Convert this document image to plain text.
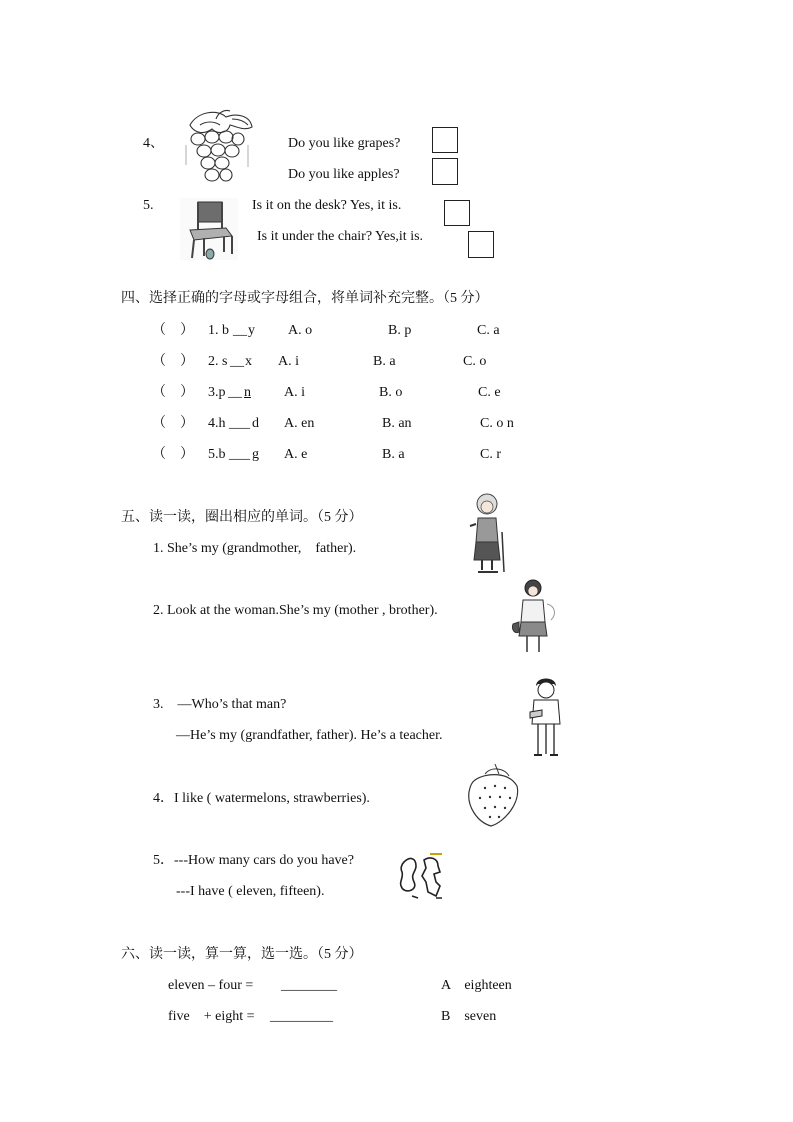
4、	Do you like grapes?
Do you like apples?
5.	Is it on the desk? Yes, it is.
Is it under the chair? Yes,it is.
四、选择正确的字母或字母组合，将单词补充完整。（5 分）
（    ） 1. b __ y A. o	B. p	C. a
（    ） 2. s __ x A. i	B. a	C. o
（    ） 3.p __ n A. i	B. o	C. e
（    ） 4.h ___ d A. en	B. an	C. o n
（    ） 5.b ___ g A. e	B. a	C. r
五、读一读，圈出相应的单词。（5 分）
1. She’s my (grandmother,    father).
2. Look at the woman.She’s my (mother , brother).
3.    —Who’s that man?
—He’s my (grandfather, father). He’s a teacher.
4．I like ( watermelons, strawberries).
5．---How many cars do you have?
---I have ( eleven, fifteen).
六、读一读，算一算，选一选。（5 分）
eleven – four = ________	A    eighteen
five    + eight = _________	B    seven
